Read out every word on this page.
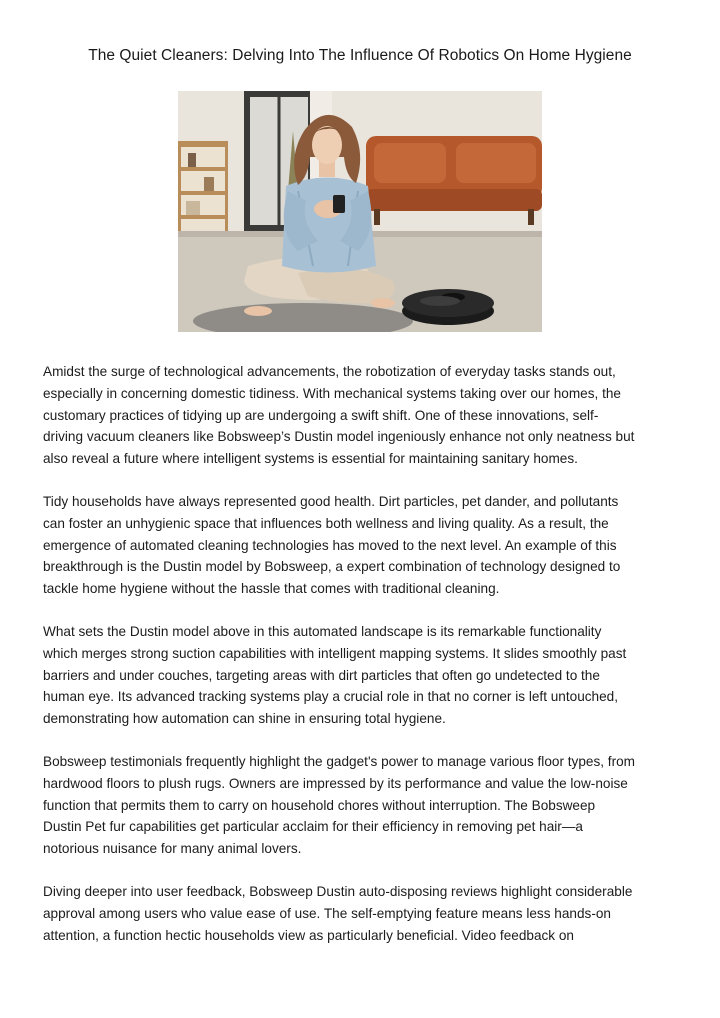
The Quiet Cleaners: Delving Into The Influence Of Robotics On Home Hygiene

Amidst the surge of technological advancements, the robotization of everyday tasks stands out,
especially in concerning domestic tidiness. With mechanical systems taking over our homes, the
customary practices of tidying up are undergoing a swift shift. One of these innovations, self-
driving vacuum cleaners like Bobsweep’s Dustin model ingeniously enhance not only neatness but
also reveal a future where intelligent systems is essential for maintaining sanitary homes.

Tidy households have always represented good health. Dirt particles, pet dander, and pollutants
can foster an unhygienic space that influences both wellness and living quality. As a result, the
emergence of automated cleaning technologies has moved to the next level. An example of this
breakthrough is the Dustin model by Bobsweep, a expert combination of technology designed to
tackle home hygiene without the hassle that comes with traditional cleaning.

What sets the Dustin model above in this automated landscape is its remarkable functionality
which merges strong suction capabilities with intelligent mapping systems. It slides smoothly past
barriers and under couches, targeting areas with dirt particles that often go undetected to the
human eye. Its advanced tracking systems play a crucial role in that no corner is left untouched,
demonstrating how automation can shine in ensuring total hygiene.

Bobsweep testimonials frequently highlight the gadget's power to manage various floor types, from
hardwood floors to plush rugs. Owners are impressed by its performance and value the low-noise
function that permits them to carry on household chores without interruption. The Bobsweep
Dustin Pet fur capabilities get particular acclaim for their efficiency in removing pet hair—a
notorious nuisance for many animal lovers.

Diving deeper into user feedback, Bobsweep Dustin auto-disposing reviews highlight considerable
approval among users who value ease of use. The self-emptying feature means less hands-on
attention, a function hectic households view as particularly beneficial. Video feedback on
